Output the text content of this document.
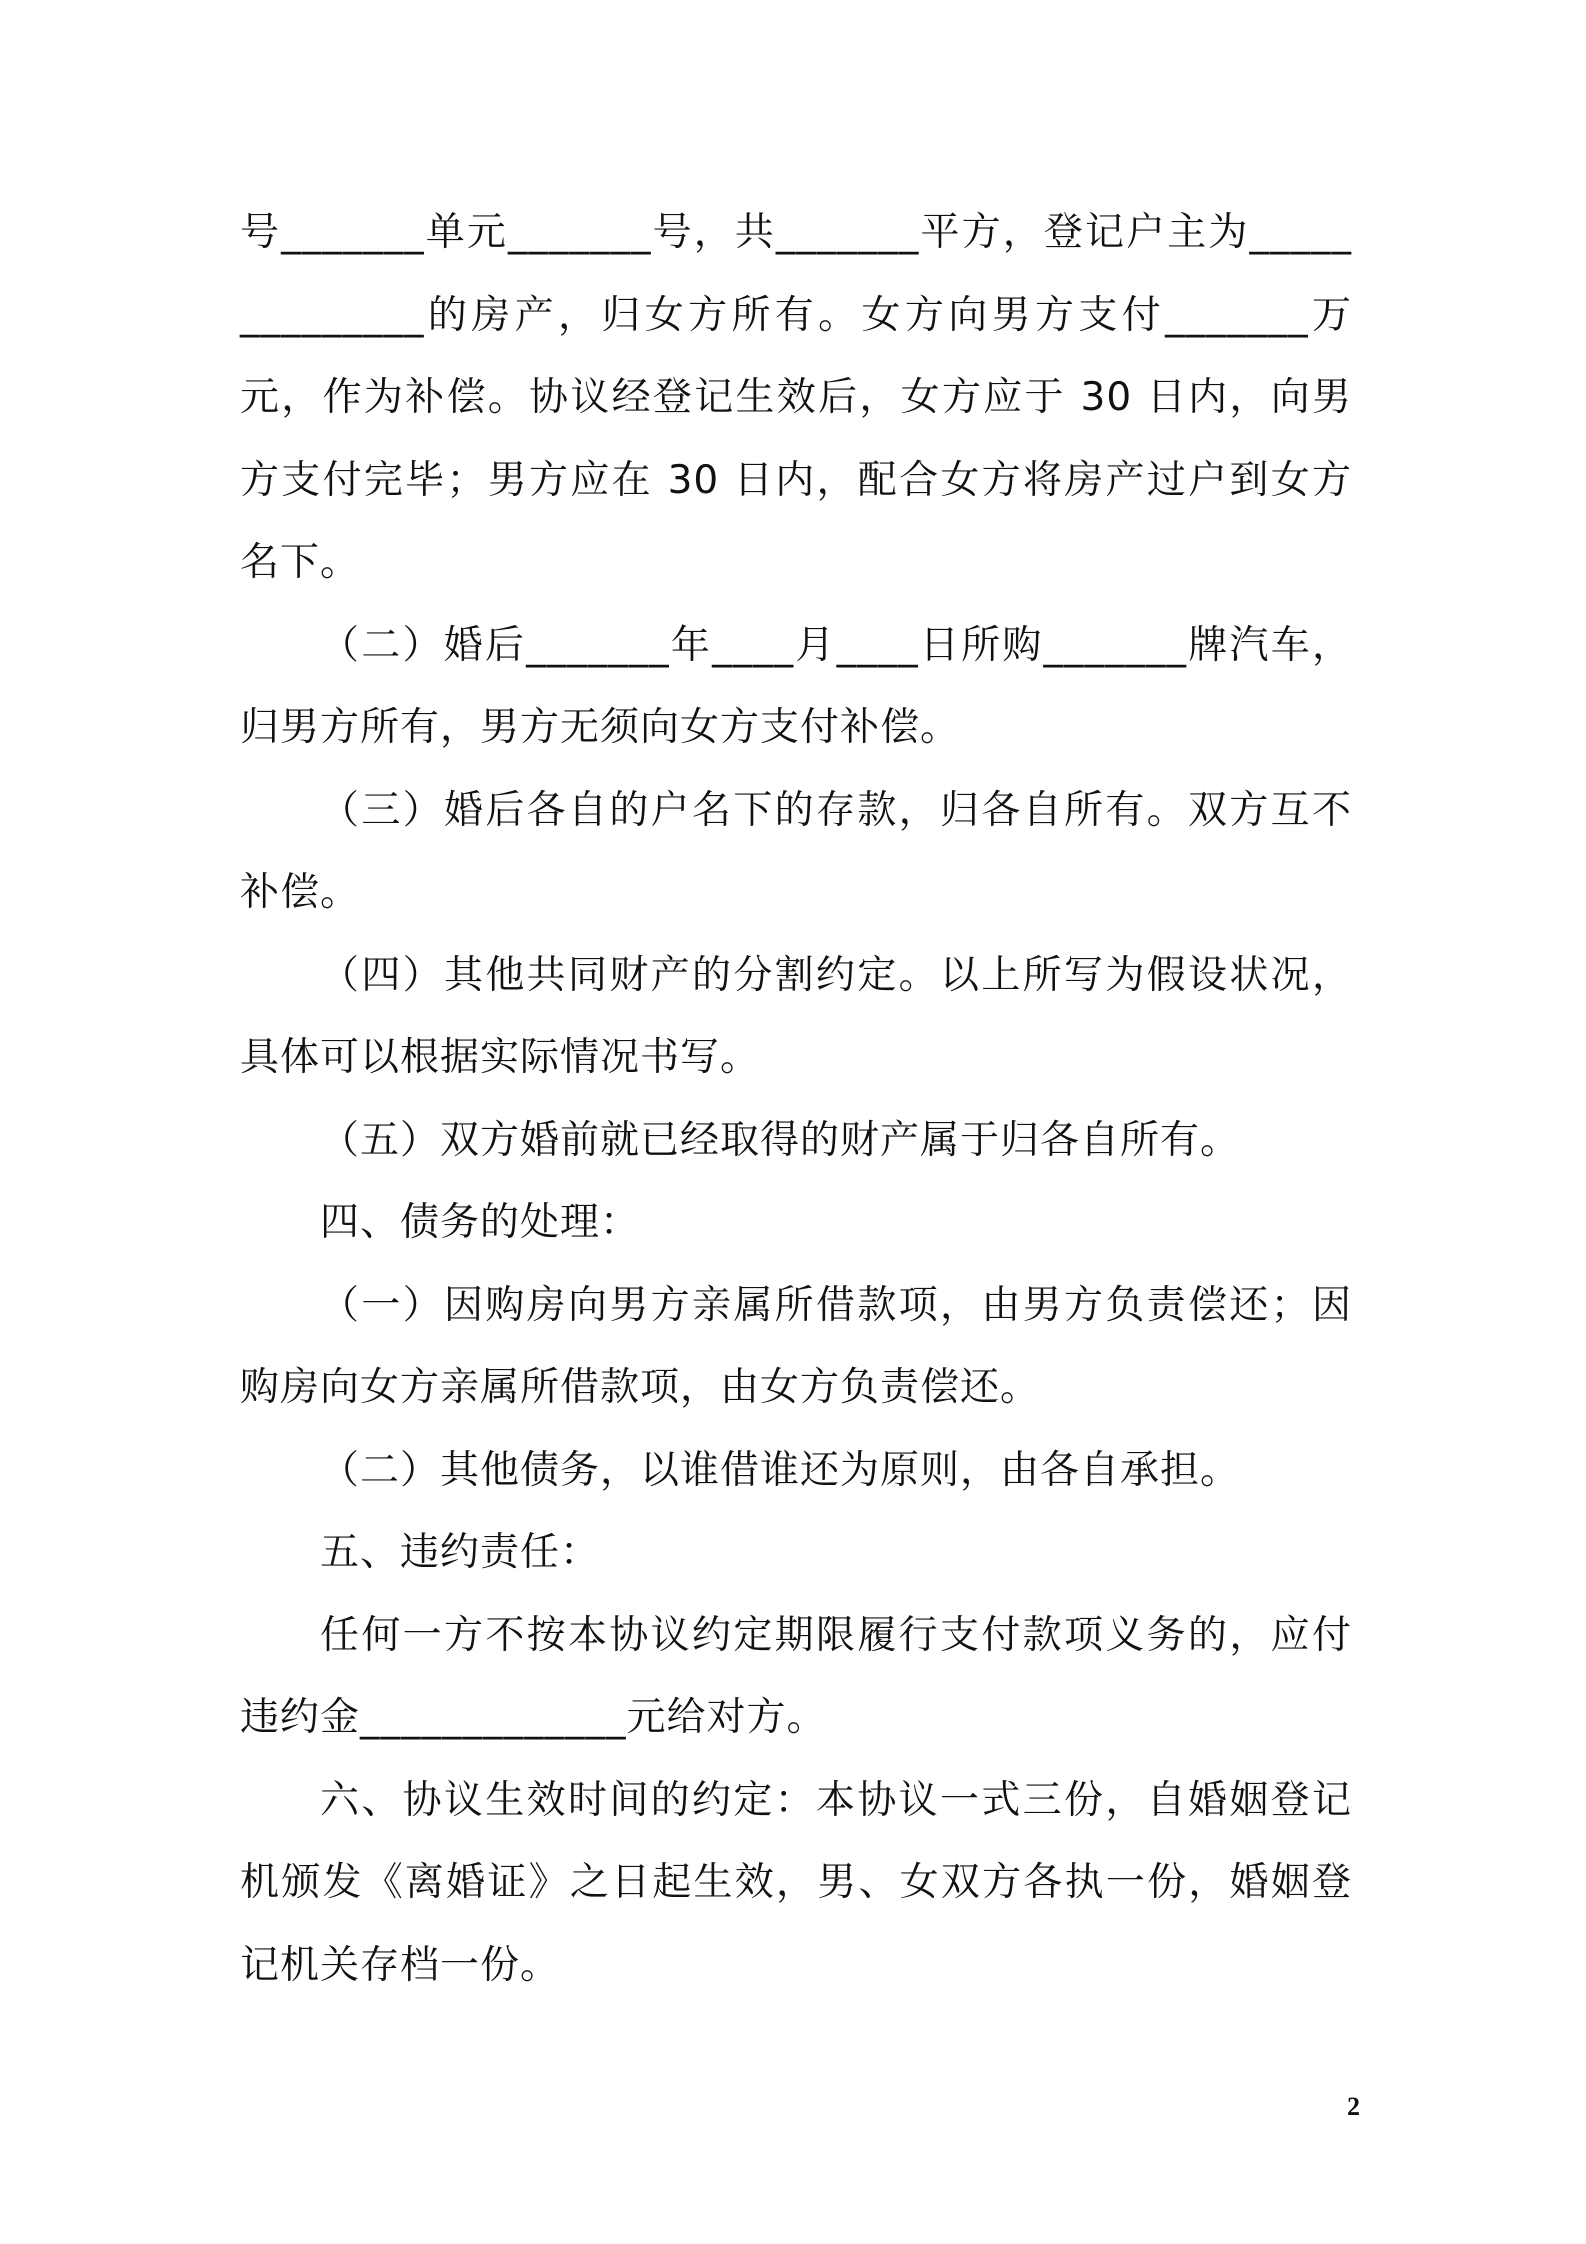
号_______单元_______号，共_______平方，登记户主为______________的房产，归女方所有。女方向男方支付_______万元，作为补偿。协议经登记生效后，女方应于 30 日内，向男方支付完毕；男方应在 30 日内，配合女方将房产过户到女方名下。

（二）婚后_______年____月____日所购_______牌汽车，归男方所有，男方无须向女方支付补偿。

（三）婚后各自的户名下的存款，归各自所有。双方互不补偿。

（四）其他共同财产的分割约定。以上所写为假设状况，具体可以根据实际情况书写。

（五）双方婚前就已经取得的财产属于归各自所有。

四、债务的处理：

（一）因购房向男方亲属所借款项，由男方负责偿还；因购房向女方亲属所借款项，由女方负责偿还。

（二）其他债务，以谁借谁还为原则，由各自承担。

五、违约责任：

任何一方不按本协议约定期限履行支付款项义务的，应付违约金_____________元给对方。

六、协议生效时间的约定：本协议一式三份，自婚姻登记机颁发《离婚证》之日起生效，男、女双方各执一份，婚姻登记机关存档一份。

2
